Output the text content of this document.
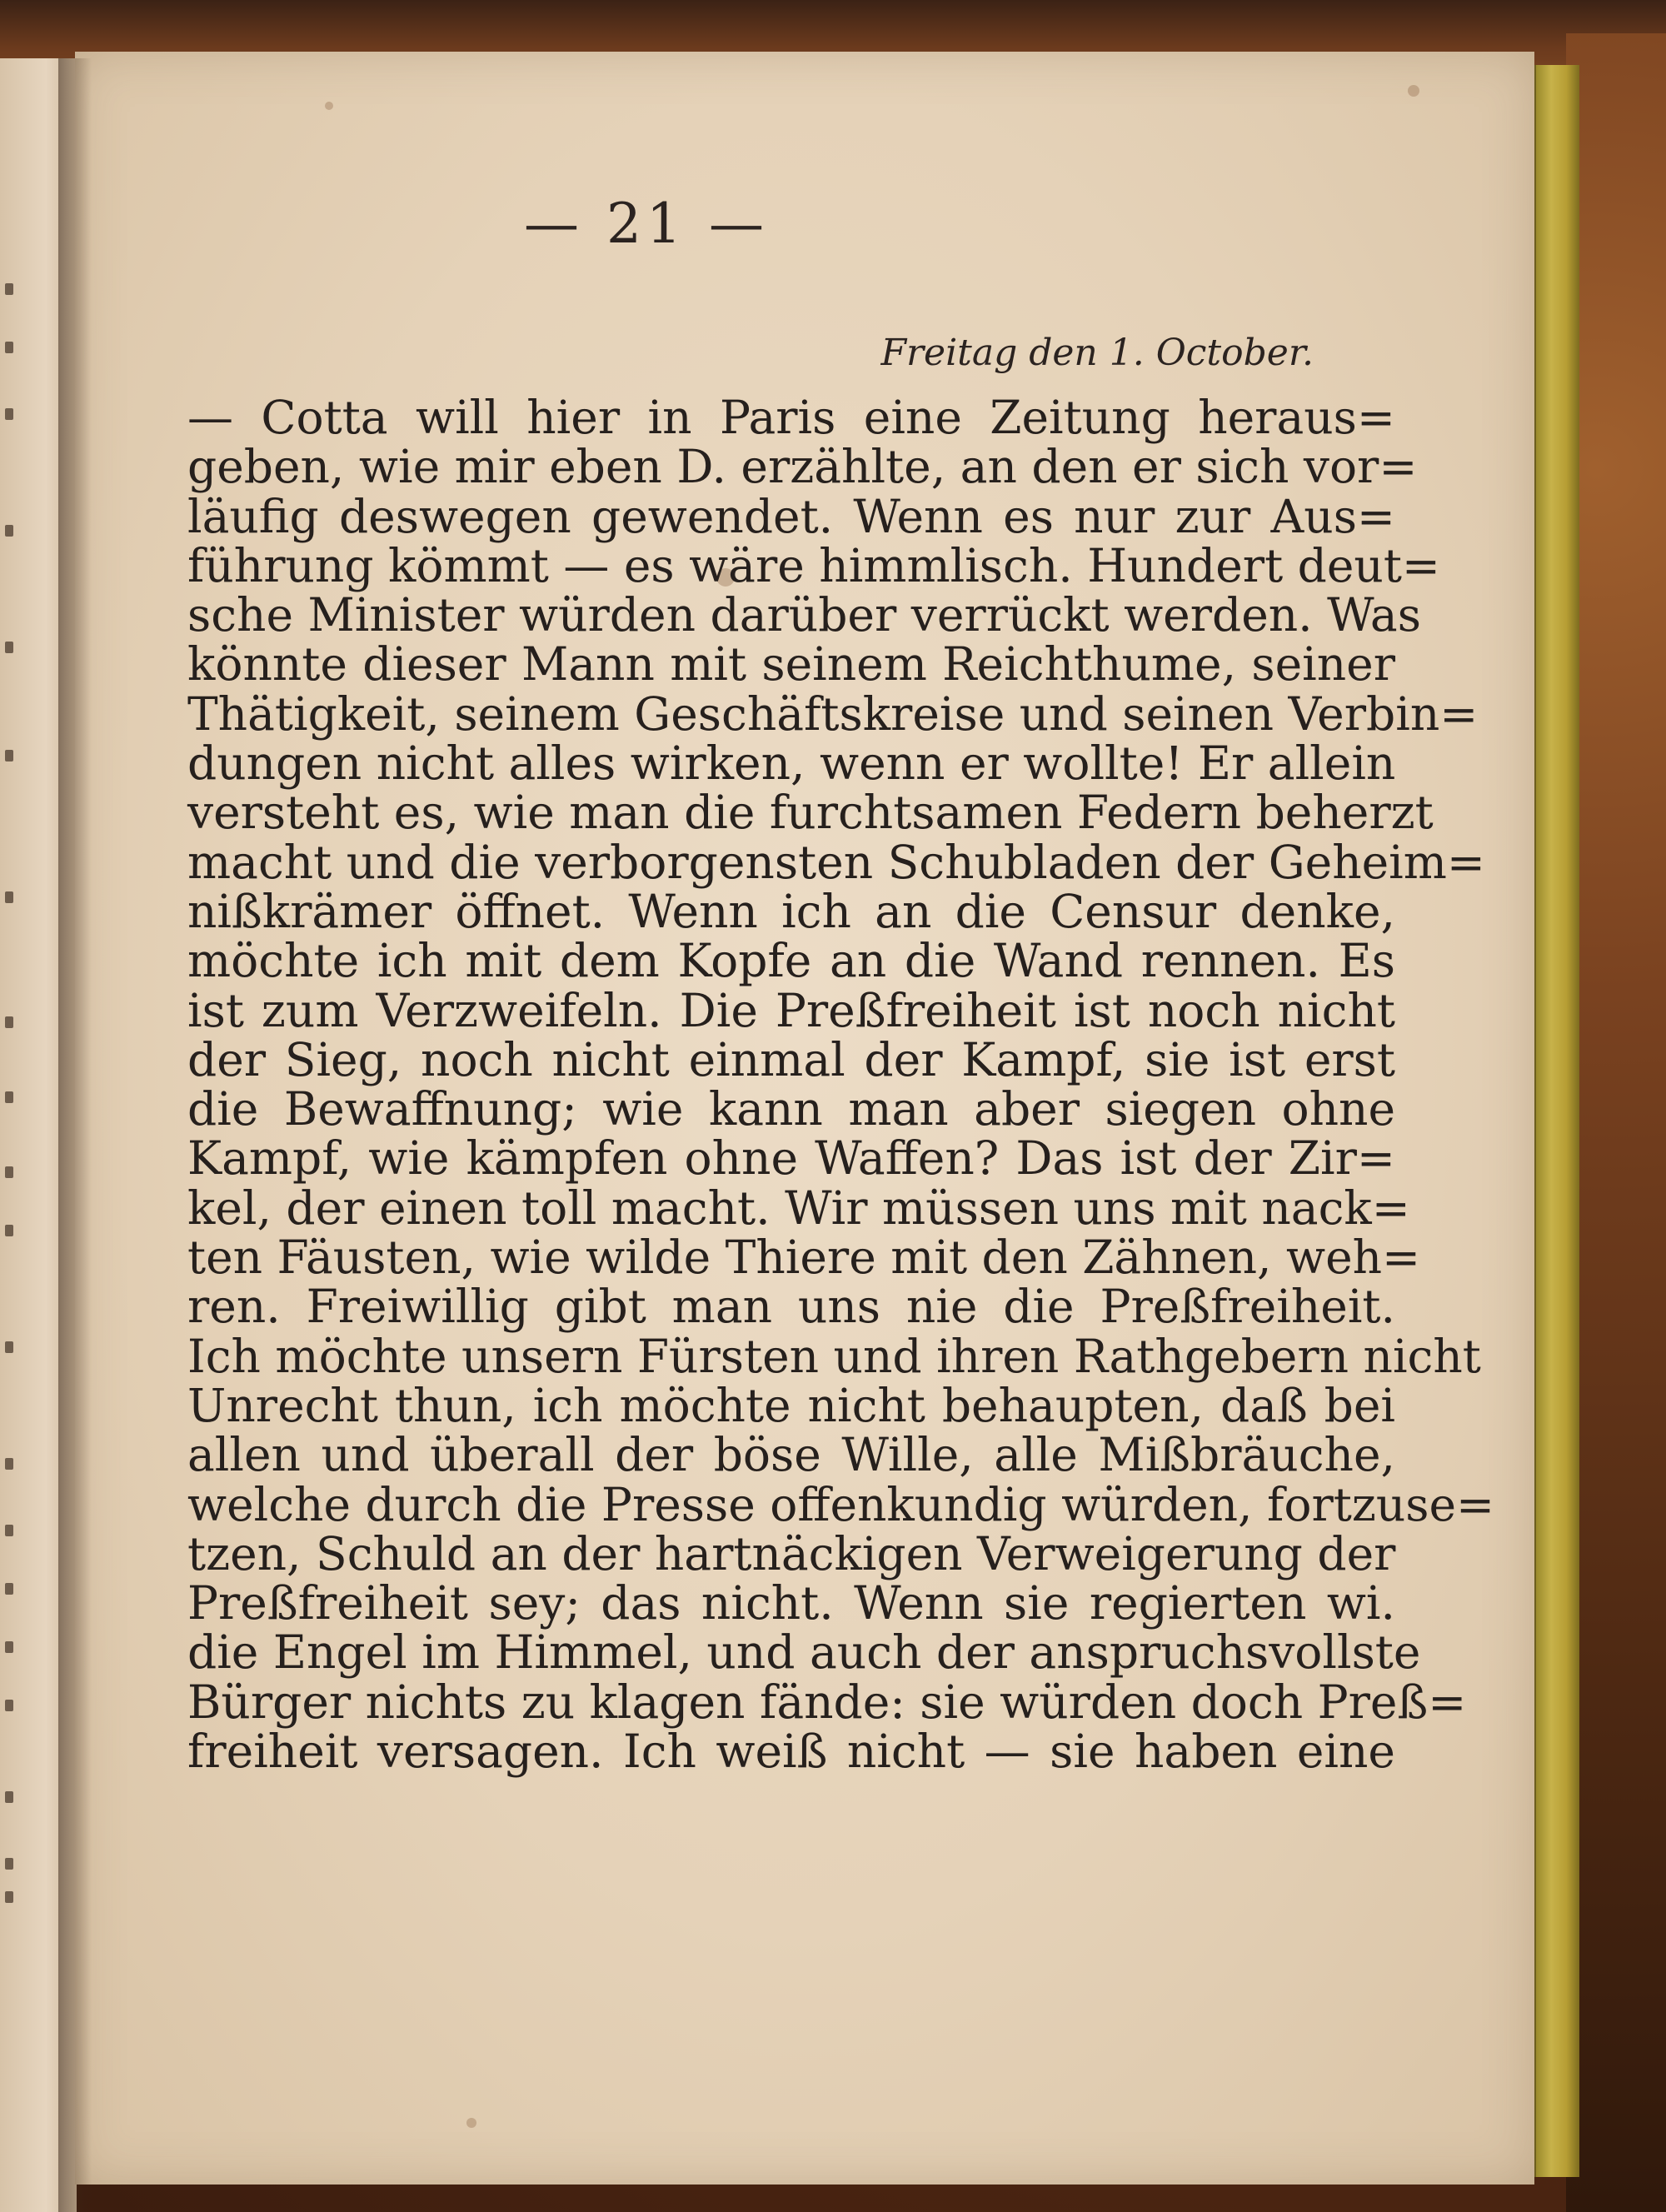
— 21 —
Freitag den 1. October.
— Cotta will hier in Paris eine Zeitung heraus=
geben, wie mir eben D. erzählte, an den er sich vor=
läufig deswegen gewendet. Wenn es nur zur Aus=
führung kömmt — es wäre himmlisch. Hundert deut=
sche Minister würden darüber verrückt werden. Was
könnte dieser Mann mit seinem Reichthume, seiner
Thätigkeit, seinem Geschäftskreise und seinen Verbin=
dungen nicht alles wirken, wenn er wollte! Er allein
versteht es, wie man die furchtsamen Federn beherzt
macht und die verborgensten Schubladen der Geheim=
nißkrämer öffnet. Wenn ich an die Censur denke,
möchte ich mit dem Kopfe an die Wand rennen. Es
ist zum Verzweifeln. Die Preßfreiheit ist noch nicht
der Sieg, noch nicht einmal der Kampf, sie ist erst
die Bewaffnung; wie kann man aber siegen ohne
Kampf, wie kämpfen ohne Waffen? Das ist der Zir=
kel, der einen toll macht. Wir müssen uns mit nack=
ten Fäusten, wie wilde Thiere mit den Zähnen, weh=
ren. Freiwillig gibt man uns nie die Preßfreiheit.
Ich möchte unsern Fürsten und ihren Rathgebern nicht
Unrecht thun, ich möchte nicht behaupten, daß bei
allen und überall der böse Wille, alle Mißbräuche,
welche durch die Presse offenkundig würden, fortzuse=
tzen, Schuld an der hartnäckigen Verweigerung der
Preßfreiheit sey; das nicht. Wenn sie regierten wi.
die Engel im Himmel, und auch der anspruchsvollste
Bürger nichts zu klagen fände: sie würden doch Preß=
freiheit versagen. Ich weiß nicht — sie haben eine
